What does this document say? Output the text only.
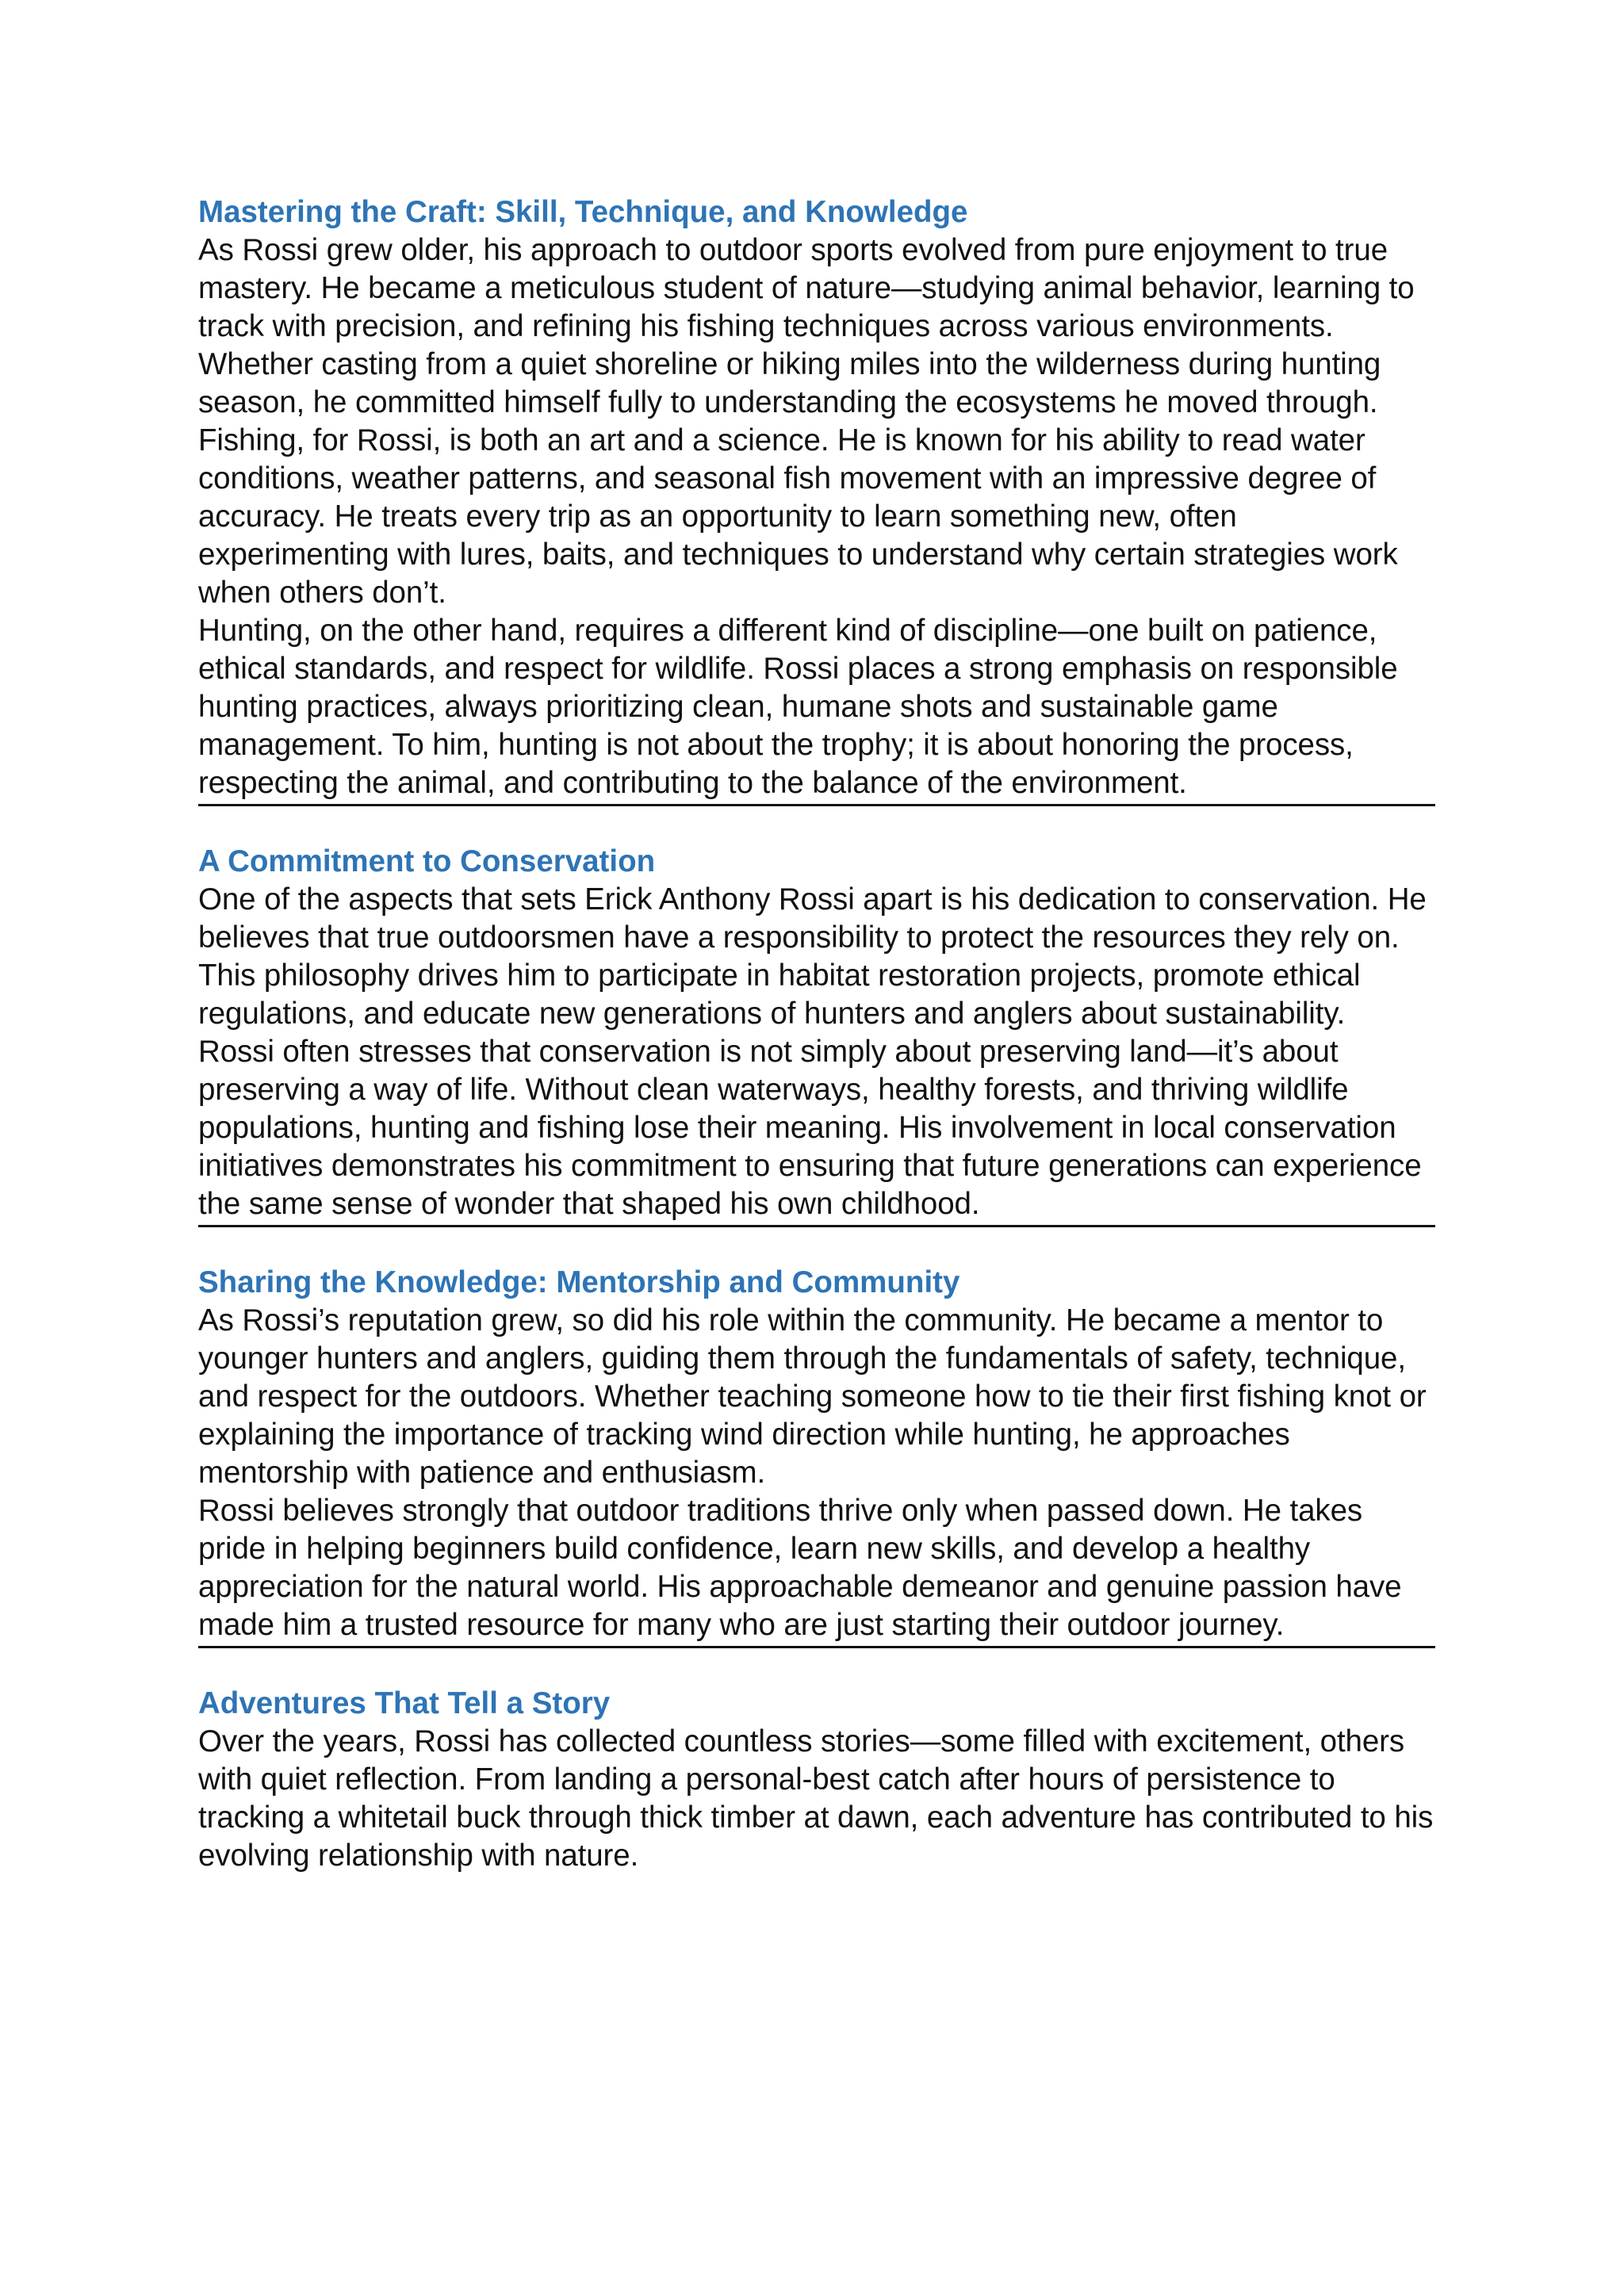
Mastering the Craft: Skill, Technique, and Knowledge

As Rossi grew older, his approach to outdoor sports evolved from pure enjoyment to true mastery. He became a meticulous student of nature—studying animal behavior, learning to track with precision, and refining his fishing techniques across various environments. Whether casting from a quiet shoreline or hiking miles into the wilderness during hunting season, he committed himself fully to understanding the ecosystems he moved through.

Fishing, for Rossi, is both an art and a science. He is known for his ability to read water conditions, weather patterns, and seasonal fish movement with an impressive degree of accuracy. He treats every trip as an opportunity to learn something new, often experimenting with lures, baits, and techniques to understand why certain strategies work when others don’t.

Hunting, on the other hand, requires a different kind of discipline—one built on patience, ethical standards, and respect for wildlife. Rossi places a strong emphasis on responsible hunting practices, always prioritizing clean, humane shots and sustainable game management. To him, hunting is not about the trophy; it is about honoring the process, respecting the animal, and contributing to the balance of the environment.

A Commitment to Conservation

One of the aspects that sets Erick Anthony Rossi apart is his dedication to conservation. He believes that true outdoorsmen have a responsibility to protect the resources they rely on. This philosophy drives him to participate in habitat restoration projects, promote ethical regulations, and educate new generations of hunters and anglers about sustainability.

Rossi often stresses that conservation is not simply about preserving land—it’s about preserving a way of life. Without clean waterways, healthy forests, and thriving wildlife populations, hunting and fishing lose their meaning. His involvement in local conservation initiatives demonstrates his commitment to ensuring that future generations can experience the same sense of wonder that shaped his own childhood.

Sharing the Knowledge: Mentorship and Community

As Rossi’s reputation grew, so did his role within the community. He became a mentor to younger hunters and anglers, guiding them through the fundamentals of safety, technique, and respect for the outdoors. Whether teaching someone how to tie their first fishing knot or explaining the importance of tracking wind direction while hunting, he approaches mentorship with patience and enthusiasm.

Rossi believes strongly that outdoor traditions thrive only when passed down. He takes pride in helping beginners build confidence, learn new skills, and develop a healthy appreciation for the natural world. His approachable demeanor and genuine passion have made him a trusted resource for many who are just starting their outdoor journey.

Adventures That Tell a Story

Over the years, Rossi has collected countless stories—some filled with excitement, others with quiet reflection. From landing a personal-best catch after hours of persistence to tracking a whitetail buck through thick timber at dawn, each adventure has contributed to his evolving relationship with nature.
